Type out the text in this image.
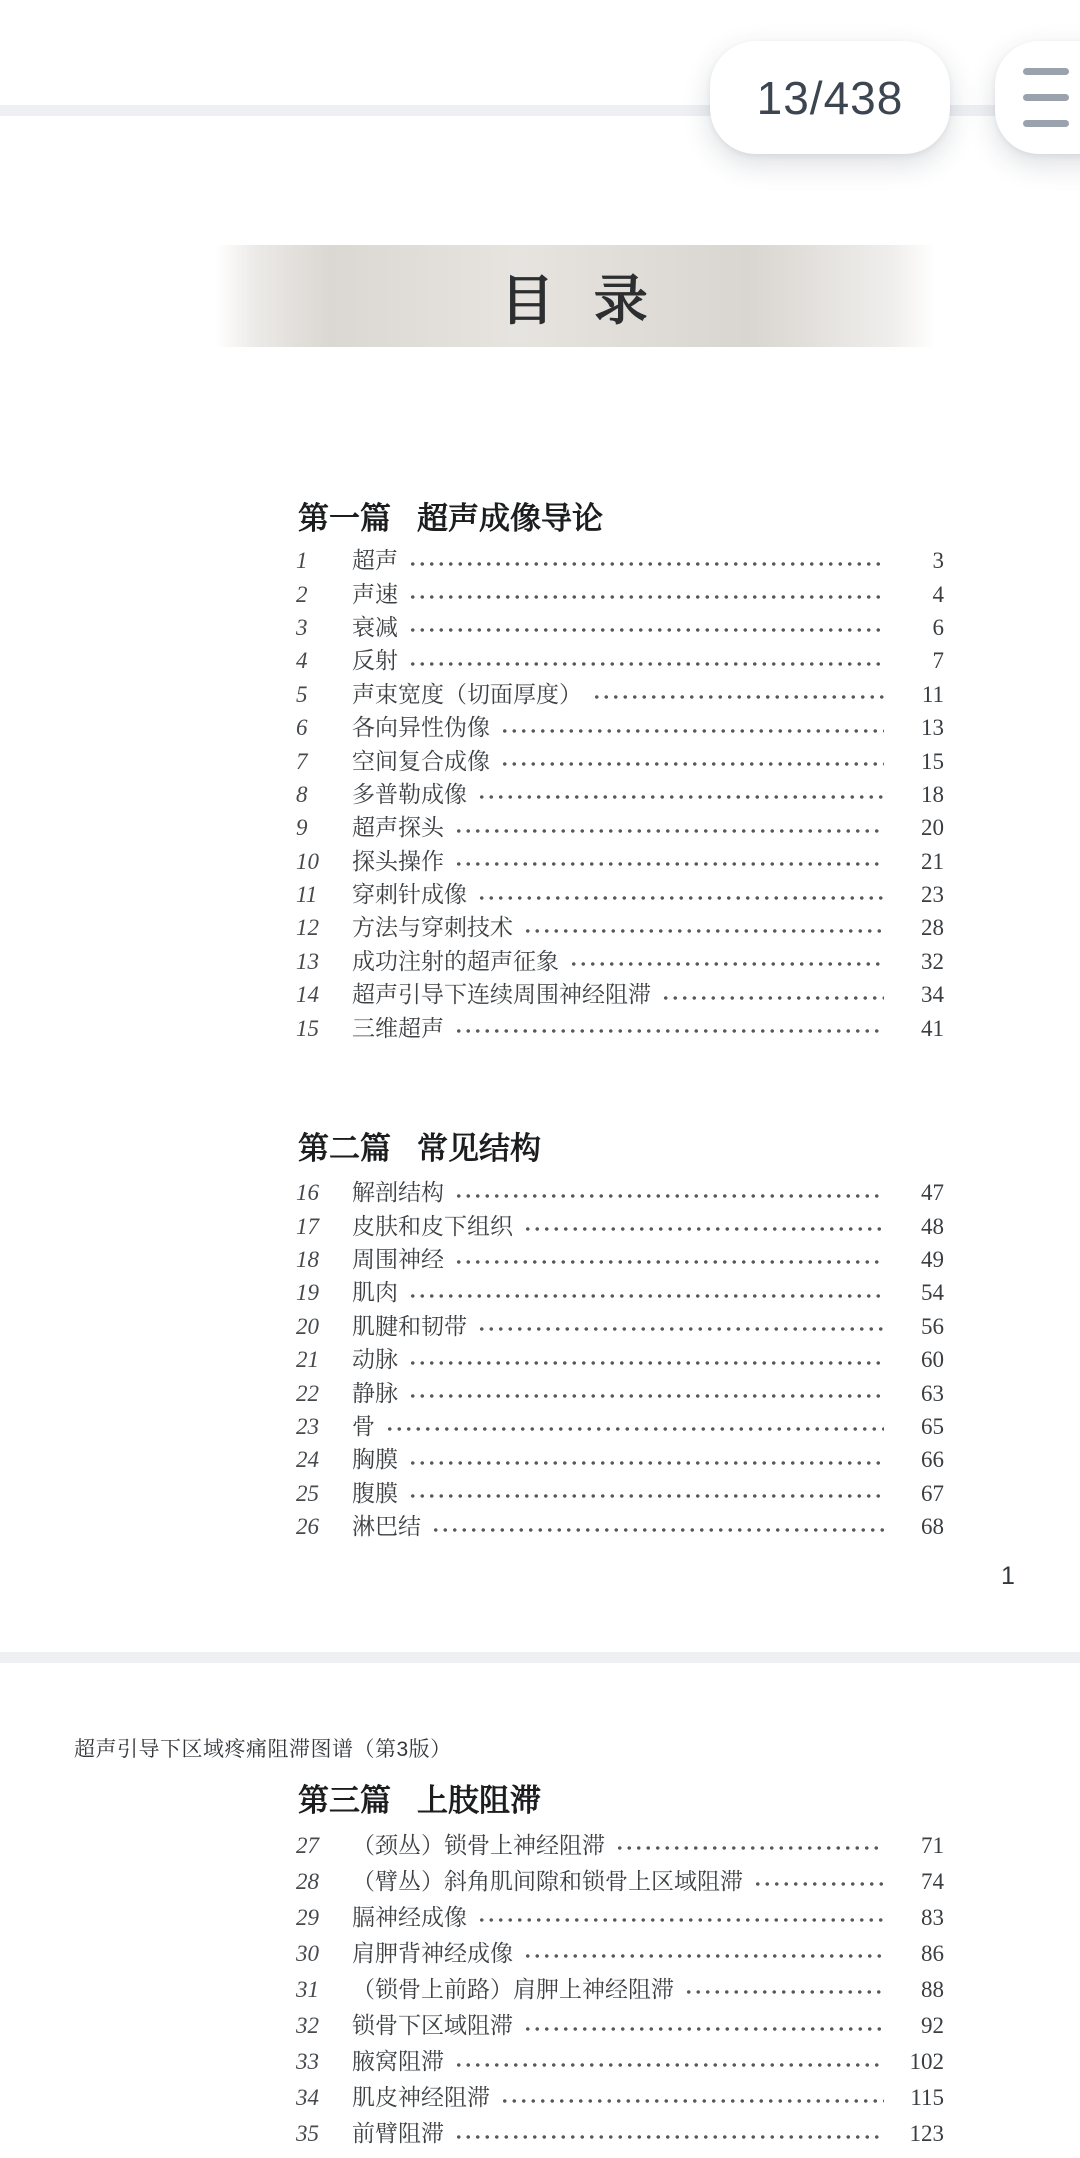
目 录
第一篇 超声成像导论
1	超声	3
2	声速	4
3	衰减	6
4	反射	7
5	声束宽度（切面厚度）	11
6	各向异性伪像	13
7	空间复合成像	15
8	多普勒成像	18
9	超声探头	20
10	探头操作	21
11	穿刺针成像	23
12	方法与穿刺技术	28
13	成功注射的超声征象	32
14	超声引导下连续周围神经阻滞	34
15	三维超声	41
第二篇 常见结构
16	解剖结构	47
17	皮肤和皮下组织	48
18	周围神经	49
19	肌肉	54
20	肌腱和韧带	56
21	动脉	60
22	静脉	63
23	骨	65
24	胸膜	66
25	腹膜	67
26	淋巴结	68
1
超声引导下区域疼痛阻滞图谱（第3版）
第三篇 上肢阻滞
27	（颈丛）锁骨上神经阻滞	71
28	（臂丛）斜角肌间隙和锁骨上区域阻滞	74
29	膈神经成像	83
30	肩胛背神经成像	86
31	（锁骨上前路）肩胛上神经阻滞	88
32	锁骨下区域阻滞	92
33	腋窝阻滞	102
34	肌皮神经阻滞	115
35	前臂阻滞	123
13/438
